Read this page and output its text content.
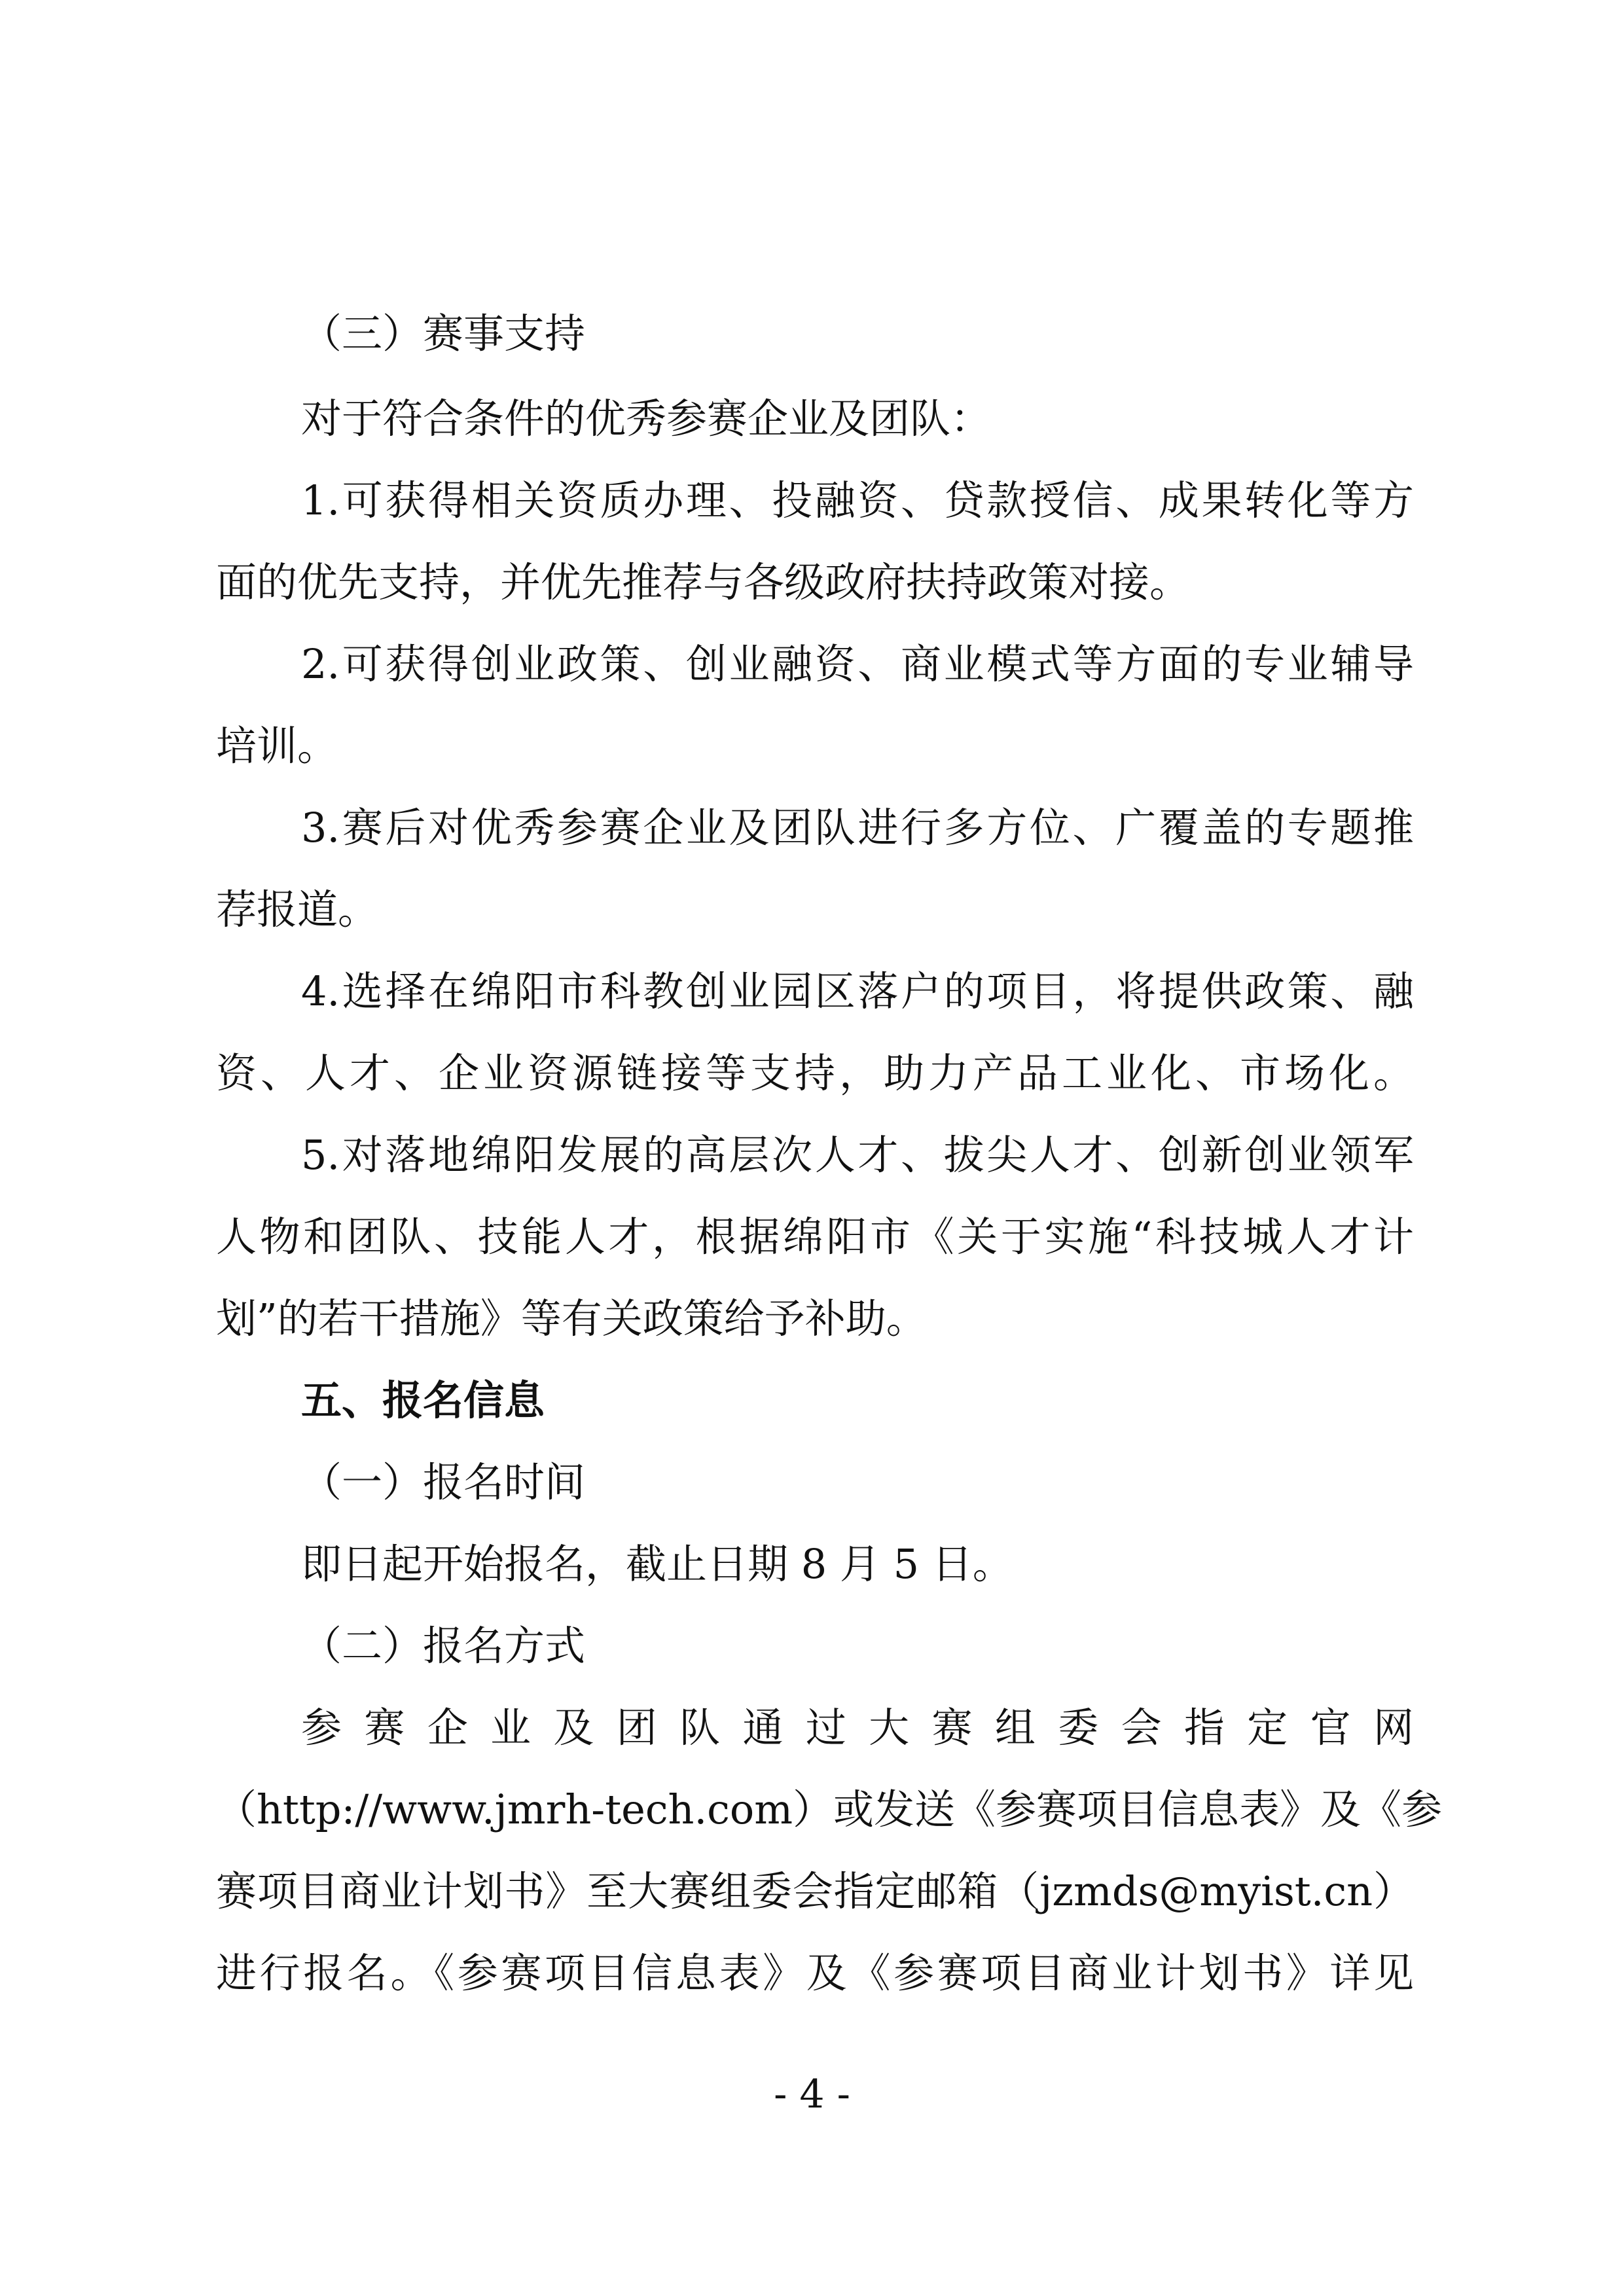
（三）赛事支持
对于符合条件的优秀参赛企业及团队：
1.可获得相关资质办理、投融资、贷款授信、成果转化等方
面的优先支持，并优先推荐与各级政府扶持政策对接。
2.可获得创业政策、创业融资、商业模式等方面的专业辅导
培训。
3.赛后对优秀参赛企业及团队进行多方位、广覆盖的专题推
荐报道。
4.选择在绵阳市科教创业园区落户的项目，将提供政策、融
资、人才、企业资源链接等支持，助力产品工业化、市场化。
5.对落地绵阳发展的高层次人才、拔尖人才、创新创业领军
人物和团队、技能人才，根据绵阳市《关于实施“科技城人才计
划”的若干措施》等有关政策给予补助。
五、报名信息
（一）报名时间
即日起开始报名，截止日期 8 月 5 日。
（二）报名方式
参赛企业及团队通过大赛组委会指定官网
（http://www.jmrh-tech.com）或发送《参赛项目信息表》及《参
赛项目商业计划书》至大赛组委会指定邮箱（jzmds@myist.cn）
进行报名。《参赛项目信息表》及《参赛项目商业计划书》详见
- 4 -
